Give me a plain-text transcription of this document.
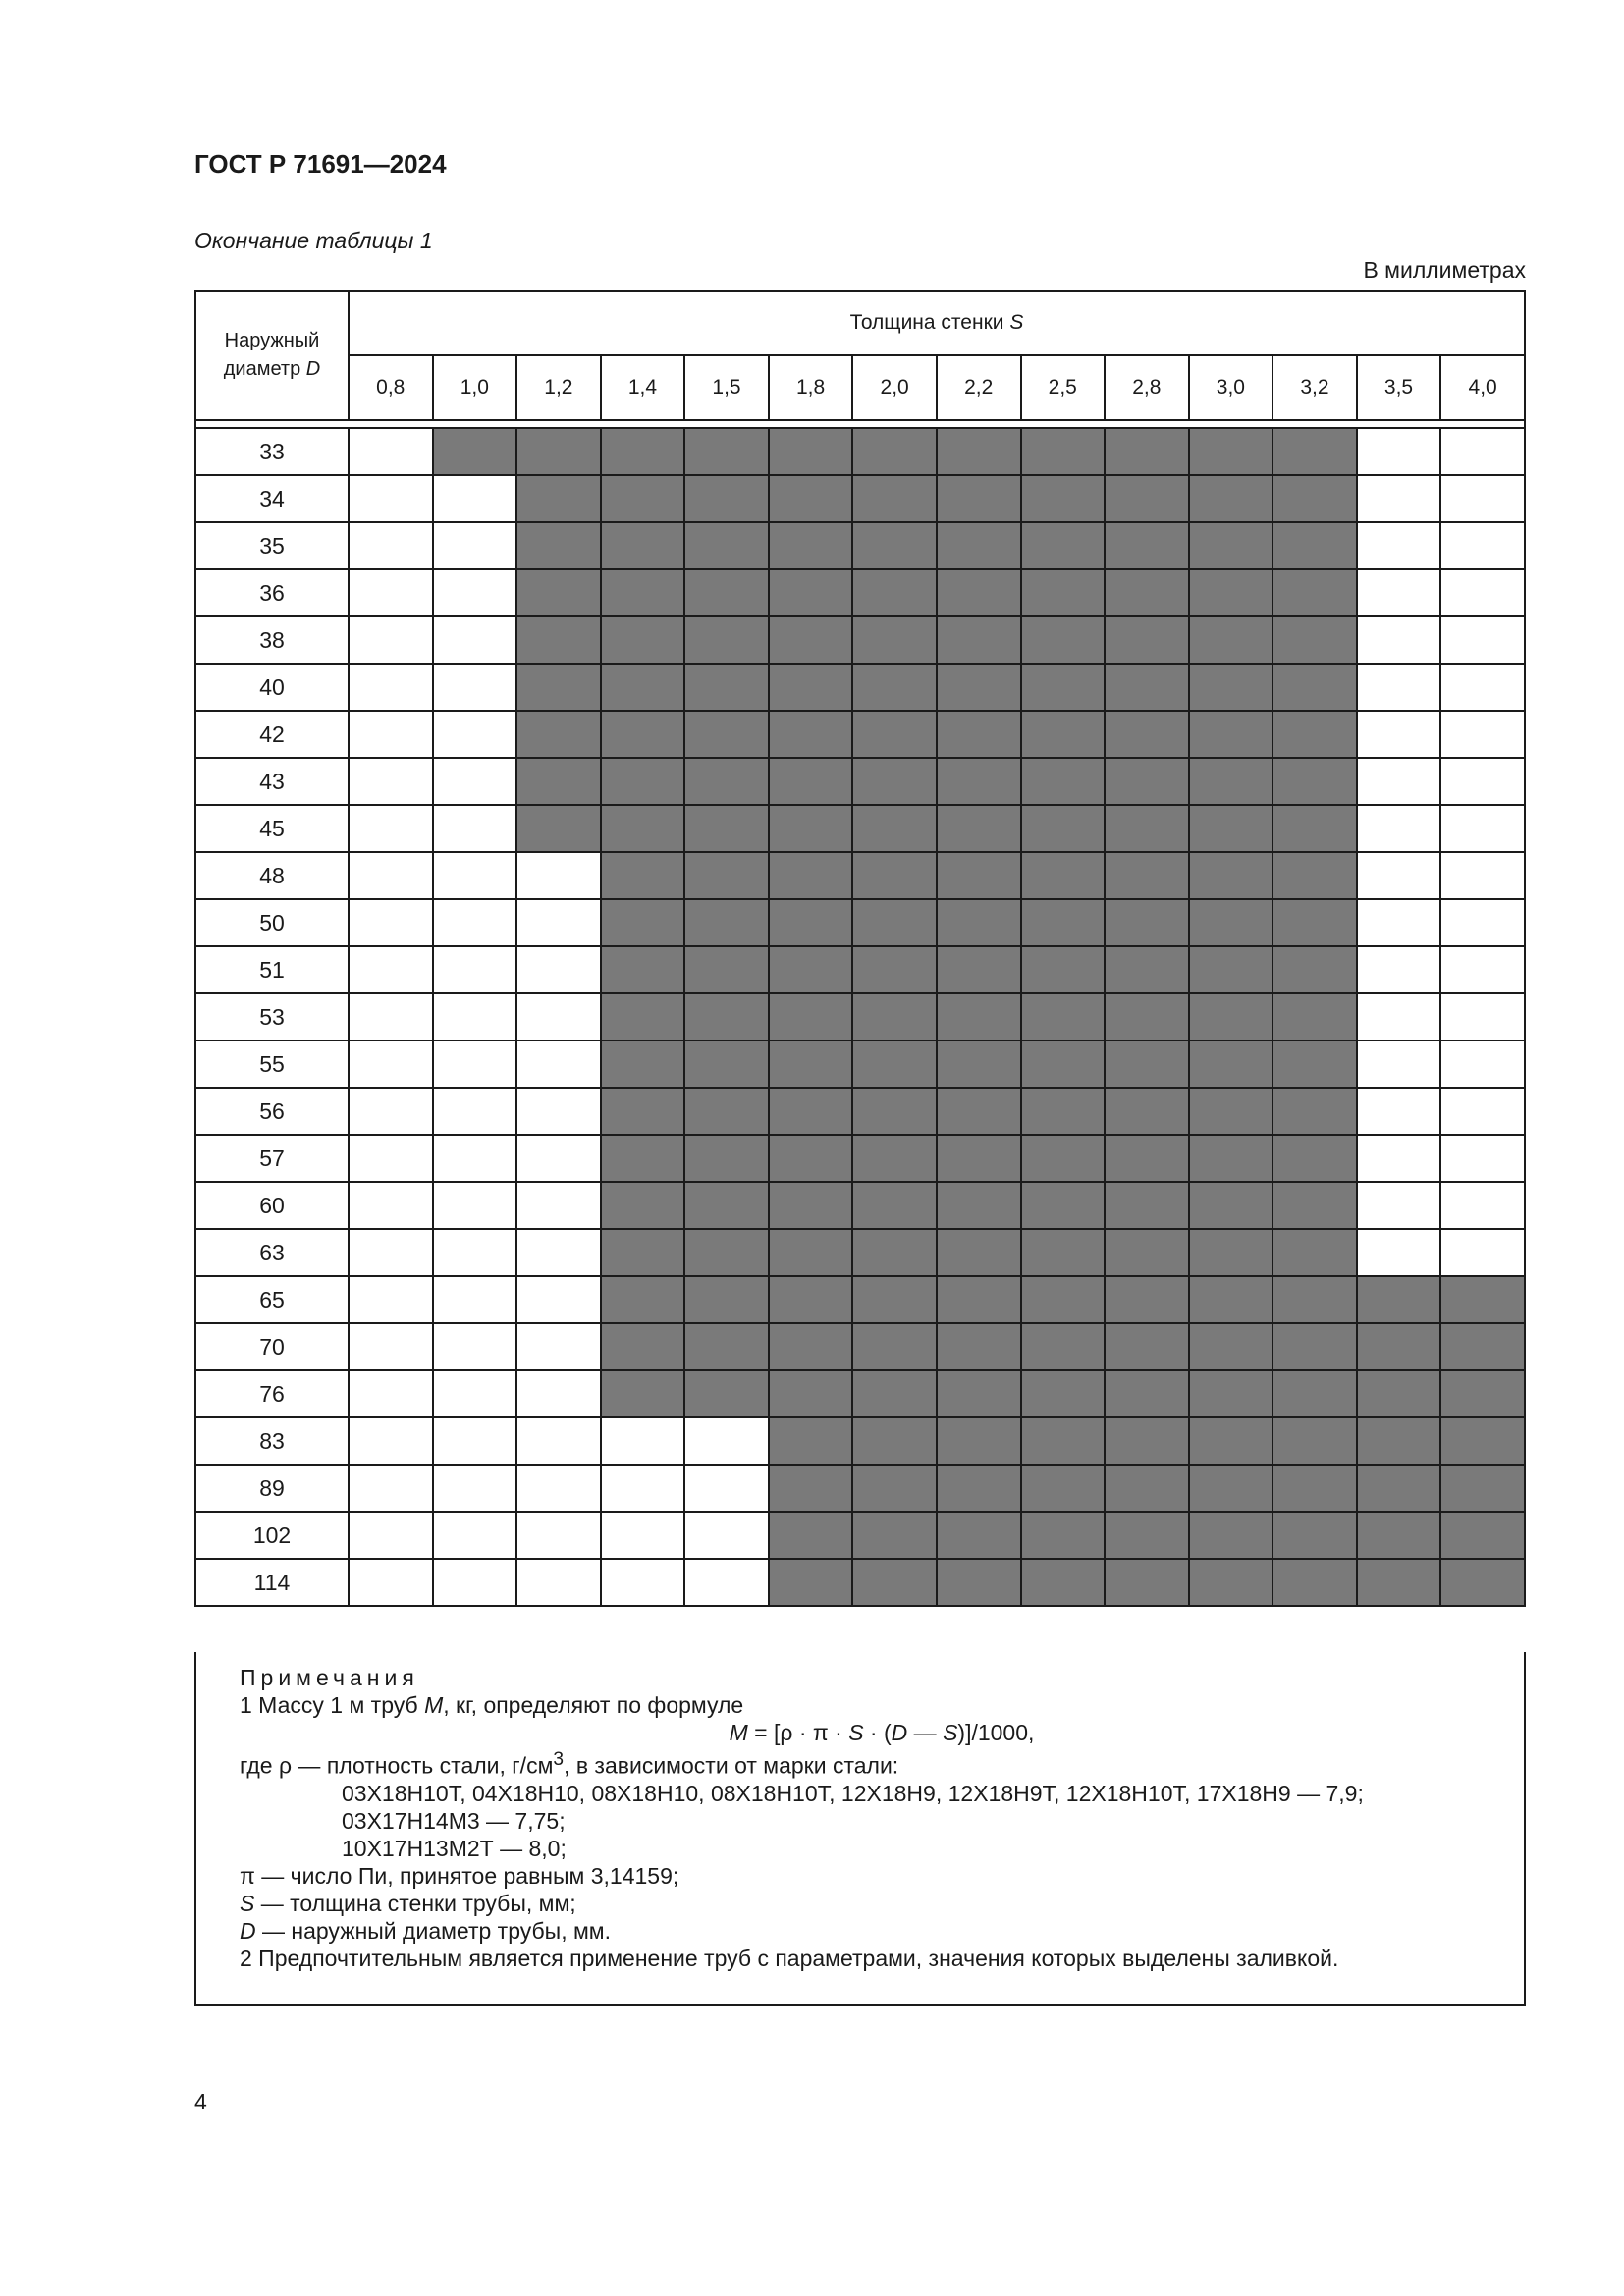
ГОСТ Р 71691—2024
Окончание таблицы 1
В миллиметрах
Наружный
диаметр D	Толщина стенки S													
	0,8	1,0	1,2	1,4	1,5	1,8	2,0	2,2	2,5	2,8	3,0	3,2	3,5	4,0

33														
34														
35														
36														
38														
40														
42														
43														
45														
48														
50														
51														
53														
55														
56														
57														
60														
63														
65														
70														
76														
83														
89														
102														
114														
Примечания
1 Массу 1 м труб M, кг, определяют по формуле
M = [ρ · π · S · (D — S)]/1000,
где ρ — плотность стали, $г/см^3$, в зависимости от марки стали:
03Х18Н10Т, 04Х18Н10, 08Х18Н10, 08Х18Н10Т, 12Х18Н9, 12Х18Н9Т, 12Х18Н10Т, 17Х18Н9 — 7,9;
03Х17Н14М3 — 7,75;
10Х17Н13М2Т — 8,0;
π — число Пи, принятое равным 3,14159;
S — толщина стенки трубы, мм;
D — наружный диаметр трубы, мм.
2 Предпочтительным является применение труб с параметрами, значения которых выделены заливкой.
4
